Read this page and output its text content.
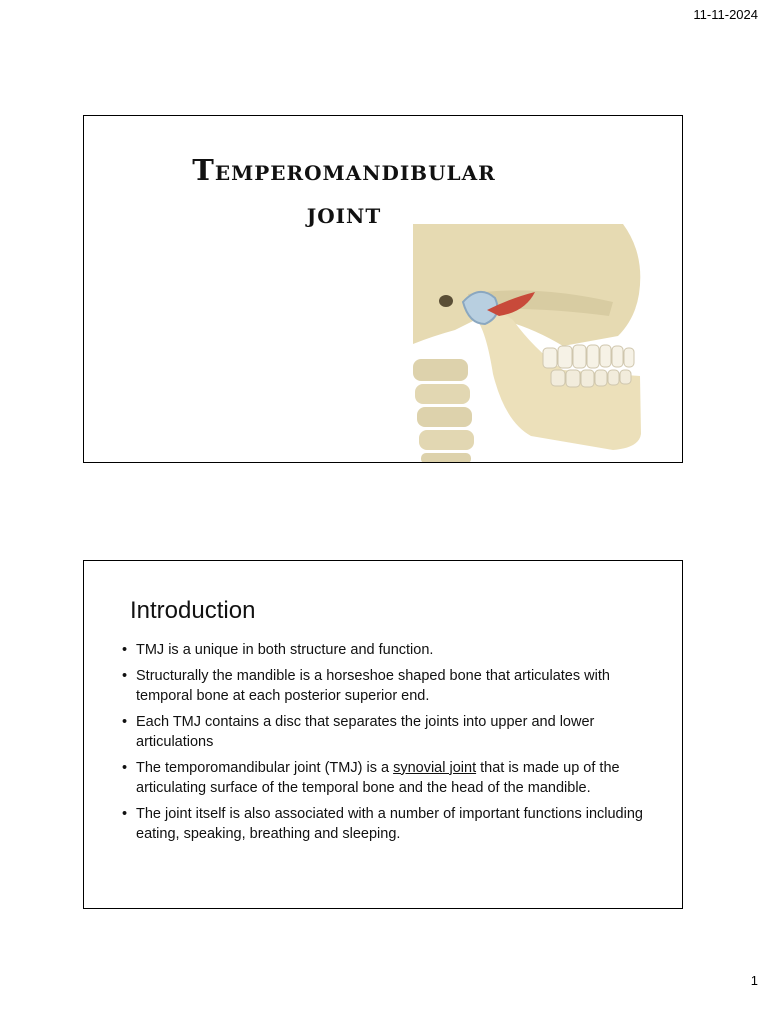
11-11-2024
Temperomandibular
joint
Introduction
• TMJ is a unique in both structure and function.
• Structurally the mandible is a horseshoe shaped bone that articulates with temporal bone at each posterior superior end.
• Each TMJ contains a disc that separates the joints into upper and lower articulations
• The temporomandibular joint (TMJ) is a synovial joint that is made up of the articulating surface of the temporal bone and the head of the mandible.
• The joint itself is also associated with a number of important functions including eating, speaking, breathing and sleeping.
1
